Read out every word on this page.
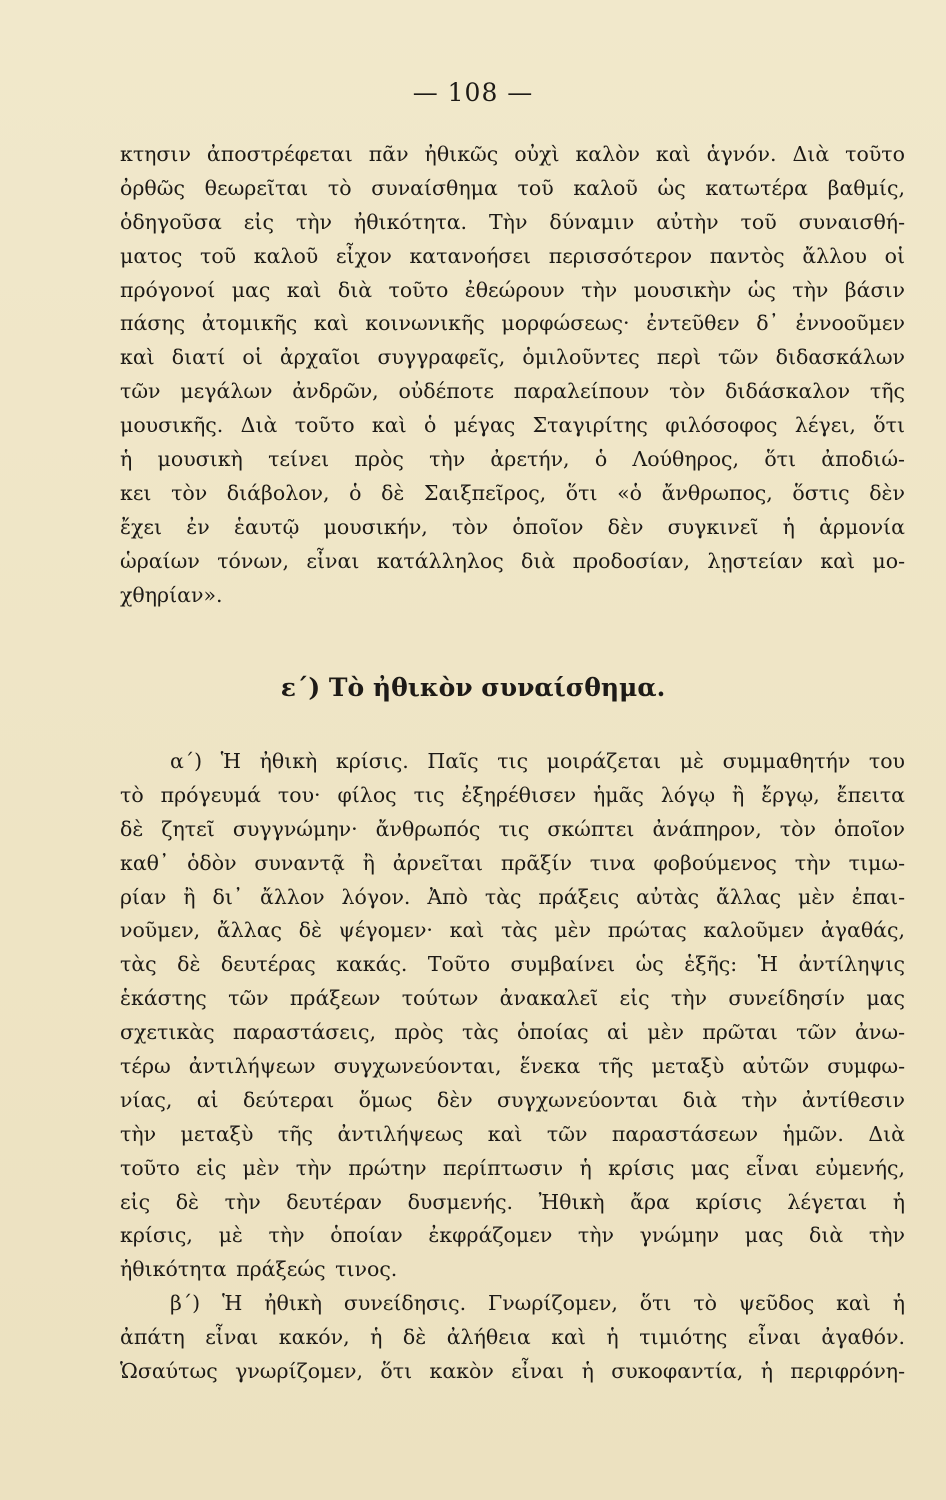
— 108 —
κτησιν ἀποστρέφεται πᾶν ἠθικῶς οὐχὶ καλὸν καὶ ἁγνόν. Διὰ τοῦτο
ὀρθῶς θεωρεῖται τὸ συναίσθημα τοῦ καλοῦ ὡς κατωτέρα βαθμίς,
ὁδηγοῦσα εἰς τὴν ἠθικότητα. Τὴν δύναμιν αὐτὴν τοῦ συναισθή-
ματος τοῦ καλοῦ εἶχον κατανοήσει περισσότερον παντὸς ἄλλου οἱ
πρόγονοί μας καὶ διὰ τοῦτο ἐθεώρουν τὴν μουσικὴν ὡς τὴν βάσιν
πάσης ἀτομικῆς καὶ κοινωνικῆς μορφώσεως· ἐντεῦθεν δ᾽ ἐννοοῦμεν
καὶ διατί οἱ ἀρχαῖοι συγγραφεῖς, ὁμιλοῦντες περὶ τῶν διδασκάλων
τῶν μεγάλων ἀνδρῶν, οὐδέποτε παραλείπουν τὸν διδάσκαλον τῆς
μουσικῆς. Διὰ τοῦτο καὶ ὁ μέγας Σταγιρίτης φιλόσοφος λέγει, ὅτι
ἡ μουσικὴ τείνει πρὸς τὴν ἀρετήν, ὁ Λούθηρος, ὅτι ἀποδιώ-
κει τὸν διάβολον, ὁ δὲ Σαιξπεῖρος, ὅτι «ὁ ἄνθρωπος, ὅστις δὲν
ἔχει ἐν ἑαυτῷ μουσικήν, τὸν ὁποῖον δὲν συγκινεῖ ἡ ἁρμονία
ὡραίων τόνων, εἶναι κατάλληλος διὰ προδοσίαν, λῃστείαν καὶ μο-
χθηρίαν».
ε΄) Τὸ ἠθικὸν συναίσθημα.
α΄) Ἡ ἠθικὴ κρίσις. Παῖς τις μοιράζεται μὲ συμμαθητήν του
τὸ πρόγευμά του· φίλος τις ἐξηρέθισεν ἡμᾶς λόγῳ ἢ ἔργῳ, ἔπειτα
δὲ ζητεῖ συγγνώμην· ἄνθρωπός τις σκώπτει ἀνάπηρον, τὸν ὁποῖον
καθ᾽ ὁδὸν συναντᾷ ἢ ἀρνεῖται πρᾶξίν τινα φοβούμενος τὴν τιμω-
ρίαν ἢ δι᾽ ἄλλον λόγον. Ἀπὸ τὰς πράξεις αὐτὰς ἄλλας μὲν ἐπαι-
νοῦμεν, ἄλλας δὲ ψέγομεν· καὶ τὰς μὲν πρώτας καλοῦμεν ἀγαθάς,
τὰς δὲ δευτέρας κακάς. Τοῦτο συμβαίνει ὡς ἑξῆς: Ἡ ἀντίληψις
ἑκάστης τῶν πράξεων τούτων ἀνακαλεῖ εἰς τὴν συνείδησίν μας
σχετικὰς παραστάσεις, πρὸς τὰς ὁποίας αἱ μὲν πρῶται τῶν ἀνω-
τέρω ἀντιλήψεων συγχωνεύονται, ἕνεκα τῆς μεταξὺ αὐτῶν συμφω-
νίας, αἱ δεύτεραι ὅμως δὲν συγχωνεύονται διὰ τὴν ἀντίθεσιν
τὴν μεταξὺ τῆς ἀντιλήψεως καὶ τῶν παραστάσεων ἡμῶν. Διὰ
τοῦτο εἰς μὲν τὴν πρώτην περίπτωσιν ἡ κρίσις μας εἶναι εὐμενής,
εἰς δὲ τὴν δευτέραν δυσμενής. Ἠθικὴ ἄρα κρίσις λέγεται ἡ
κρίσις, μὲ τὴν ὁποίαν ἐκφράζομεν τὴν γνώμην μας διὰ τὴν
ἠθικότητα πράξεώς τινος.
β΄) Ἡ ἠθικὴ συνείδησις. Γνωρίζομεν, ὅτι τὸ ψεῦδος καὶ ἡ
ἀπάτη εἶναι κακόν, ἡ δὲ ἀλήθεια καὶ ἡ τιμιότης εἶναι ἀγαθόν.
Ὡσαύτως γνωρίζομεν, ὅτι κακὸν εἶναι ἡ συκοφαντία, ἡ περιφρόνη-
